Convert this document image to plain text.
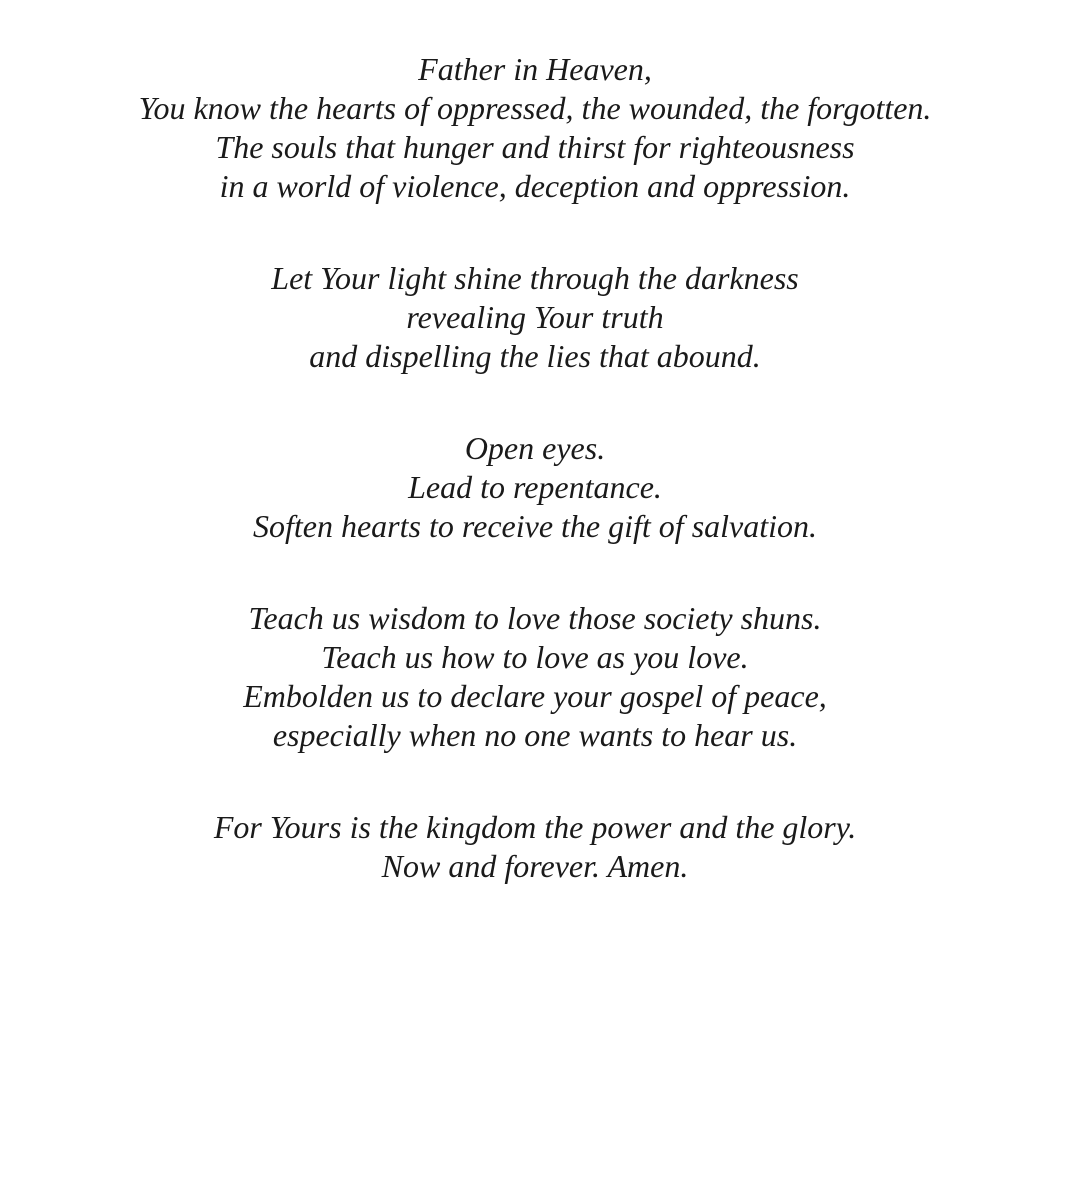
Father in Heaven,
You know the hearts of oppressed, the wounded, the forgotten.
The souls that hunger and thirst for righteousness
in a world of violence, deception and oppression.
Let Your light shine through the darkness
revealing Your truth
and dispelling the lies that abound.
Open eyes.
Lead to repentance.
Soften hearts to receive the gift of salvation.
Teach us wisdom to love those society shuns.
Teach us how to love as you love.
Embolden us to declare your gospel of peace,
especially when no one wants to hear us.
For Yours is the kingdom the power and the glory.
Now and forever. Amen.
